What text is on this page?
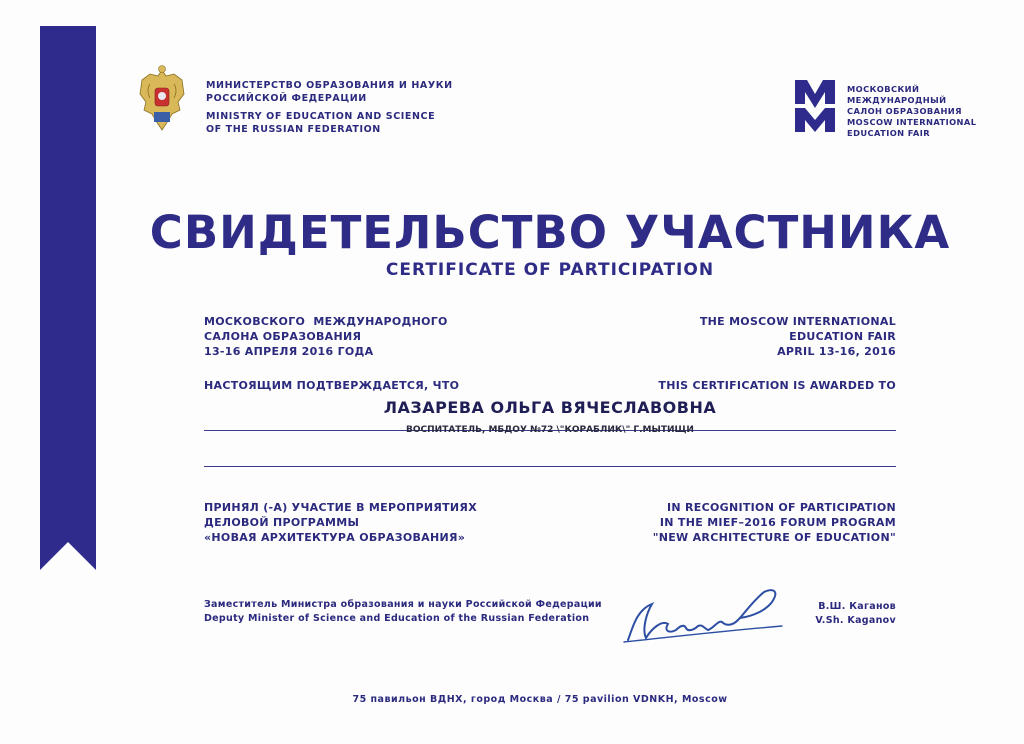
МИНИСТЕРСТВО ОБРАЗОВАНИЯ И НАУКИ
РОССИЙСКОЙ ФЕДЕРАЦИИ
MINISTRY OF EDUCATION AND SCIENCE
OF THE RUSSIAN FEDERATION
МОСКОВСКИЙ
МЕЖДУНАРОДНЫЙ
САЛОН ОБРАЗОВАНИЯ
MOSCOW INTERNATIONAL
EDUCATION FAIR
СВИДЕТЕЛЬСТВО УЧАСТНИКА
CERTIFICATE OF PARTICIPATION
МОСКОВСКОГО  МЕЖДУНАРОДНОГО
САЛОНА ОБРАЗОВАНИЯ
13-16 АПРЕЛЯ 2016 ГОДА
THE MOSCOW INTERNATIONAL
EDUCATION FAIR
APRIL 13-16, 2016
НАСТОЯЩИМ ПОДТВЕРЖДАЕТСЯ, ЧТО	THIS CERTIFICATION IS AWARDED TO
ЛАЗАРЕВА ОЛЬГА ВЯЧЕСЛАВОВНА
ВОСПИТАТЕЛЬ, МБДОУ №72 \"КОРАБЛИК\" Г.МЫТИЩИ
ПРИНЯЛ (-А) УЧАСТИЕ В МЕРОПРИЯТИЯХ
ДЕЛОВОЙ ПРОГРАММЫ
«НОВАЯ АРХИТЕКТУРА ОБРАЗОВАНИЯ»
IN RECOGNITION OF PARTICIPATION
IN THE MIEF–2016 FORUM PROGRAM
"NEW ARCHITECTURE OF EDUCATION"
Заместитель Министра образования и науки Российской Федерации
Deputy Minister of Science and Education of the Russian Federation
В.Ш. Каганов
V.Sh. Kaganov
75 павильон ВДНХ, город Москва / 75 pavilion VDNKH, Moscow
